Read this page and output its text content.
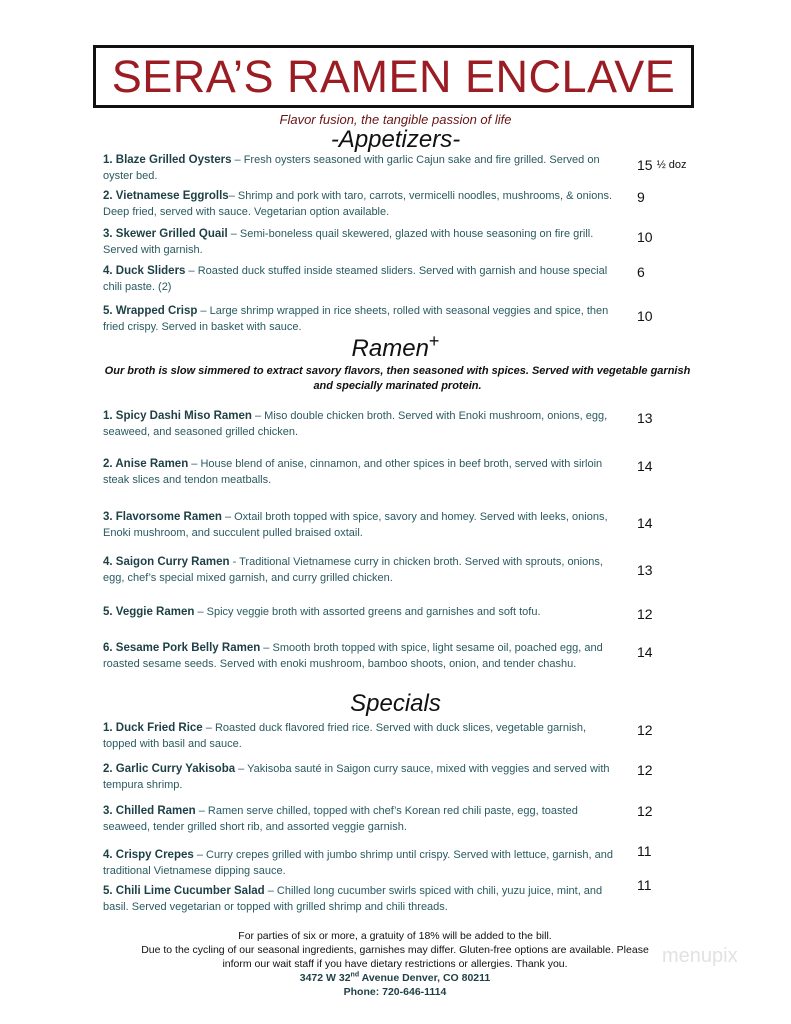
SERA’S RAMEN ENCLAVE
Flavor fusion, the tangible passion of life
-Appetizers-
Ramen+
Our broth is slow simmered to extract savory flavors, then seasoned with spices. Served with vegetable garnish and specially marinated protein.
Specials
1. Blaze Grilled Oysters – Fresh oysters seasoned with garlic Cajun sake and fire grilled. Served on oyster bed.
15 $^{\frac{1}{2} doz}$
2. Vietnamese Eggrolls– Shrimp and pork with taro, carrots, vermicelli noodles, mushrooms, & onions. Deep fried, served with sauce. Vegetarian option available.
9
3. Skewer Grilled Quail – Semi-boneless quail skewered, glazed with house seasoning on fire grill. Served with garnish.
10
4. Duck Sliders – Roasted duck stuffed inside steamed sliders. Served with garnish and house special chili paste. (2)
6
5. Wrapped Crisp – Large shrimp wrapped in rice sheets, rolled with seasonal veggies and spice, then fried crispy. Served in basket with sauce.
10
1. Spicy Dashi Miso Ramen – Miso double chicken broth. Served with Enoki mushroom, onions, egg, seaweed, and seasoned grilled chicken.
13
2. Anise Ramen – House blend of anise, cinnamon, and other spices in beef broth, served with sirloin steak slices and tendon meatballs.
14
3. Flavorsome Ramen – Oxtail broth topped with spice, savory and homey. Served with leeks, onions, Enoki mushroom, and succulent pulled braised oxtail.
14
4. Saigon Curry Ramen - Traditional Vietnamese curry in chicken broth. Served with sprouts, onions, egg, chef’s special mixed garnish, and curry grilled chicken.	13
5. Veggie Ramen – Spicy veggie broth with assorted greens and garnishes and soft tofu.	12
6. Sesame Pork Belly Ramen – Smooth broth topped with spice, light sesame oil, poached egg, and roasted sesame seeds. Served with enoki mushroom, bamboo shoots, onion, and tender chashu.
14
1. Duck Fried Rice – Roasted duck flavored fried rice. Served with duck slices, vegetable garnish, topped with basil and sauce.
12
2. Garlic Curry Yakisoba – Yakisoba sauté in Saigon curry sauce, mixed with veggies and served with tempura shrimp.
12
3. Chilled Ramen – Ramen serve chilled, topped with chef’s Korean red chili paste, egg, toasted seaweed, tender grilled short rib, and assorted veggie garnish.
12
4. Crispy Crepes – Curry crepes grilled with jumbo shrimp until crispy. Served with lettuce, garnish, and traditional Vietnamese dipping sauce.
11
5. Chili Lime Cucumber Salad – Chilled long cucumber swirls spiced with chili, yuzu juice, mint, and basil. Served vegetarian or topped with grilled shrimp and chili threads.
11
For parties of six or more, a gratuity of 18% will be added to the bill.
Due to the cycling of our seasonal ingredients, garnishes may differ. Gluten-free options are available. Please inform our wait staff if you have dietary restrictions or allergies. Thank you.
3472 W 32nd Avenue Denver, CO 80211
Phone: 720-646-1114
menupix
